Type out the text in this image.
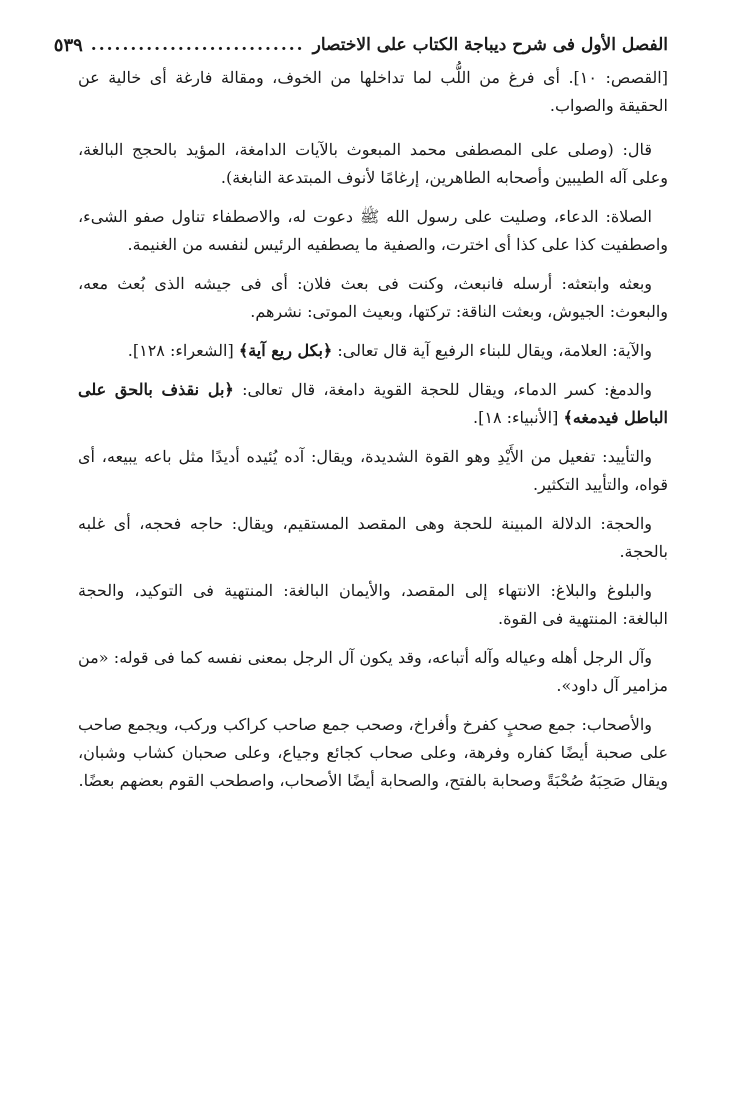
الفصل الأول فى شرح ديباجة الكتاب على الاختصار
...........................
٥٣٩

[القصص: ١٠]. أى فرغ من اللُّب لما تداخلها من الخوف، ومقالة فارغة أى خالية عن الحقيقة والصواب.

قال: (وصلى على المصطفى محمد المبعوث بالآيات الدامغة، المؤيد بالحجج البالغة، وعلى آله الطيبين وأصحابه الطاهرين، إرغامًا لأنوف المبتدعة النابغة).

الصلاة: الدعاء، وصليت على رسول الله ﷺ دعوت له، والاصطفاء تناول صفو الشىء، واصطفيت كذا على كذا أى اخترت، والصفية ما يصطفيه الرئيس لنفسه من الغنيمة.

وبعثه وابتعثه: أرسله فانبعث، وكنت فى بعث فلان: أى فى جيشه الذى بُعث معه، والبعوث: الجيوش، وبعثت الناقة: تركتها، وبعيث الموتى: نشرهم.

والآية: العلامة، ويقال للبناء الرفيع آية قال تعالى: ﴿بكل ريع آية﴾ [الشعراء: ١٢٨].

والدمغ: كسر الدماء، ويقال للحجة القوية دامغة، قال تعالى: ﴿بل نقذف بالحق على الباطل فيدمغه﴾ [الأنبياء: ١٨].

والتأييد: تفعيل من الأَيْدِ وهو القوة الشديدة، ويقال: آده يُئيده أديدًا مثل باعه يبيعه، أى قواه، والتأييد التكثير.

والحجة: الدلالة المبينة للحجة وهى المقصد المستقيم، ويقال: حاجه فحجه، أى غلبه بالحجة.

والبلوغ والبلاغ: الانتهاء إلى المقصد، والأيمان البالغة: المنتهية فى التوكيد، والحجة البالغة: المنتهية فى القوة.

وآل الرجل أهله وعياله وآله أتباعه، وقد يكون آل الرجل بمعنى نفسه كما فى قوله: «من مزامير آل داود».

والأصحاب: جمع صحبٍ كفرخ وأفراخ، وصحب جمع صاحب كراكب وركب، ويجمع صاحب على صحبة أيضًا كفاره وفرهة، وعلى صحاب كجائع وجياع، وعلى صحبان كشاب وشبان، ويقال صَحِبَهُ صُحْبَةً وصحابة بالفتح، والصحابة أيضًا الأصحاب، واصطحب القوم بعضهم بعضًا.
